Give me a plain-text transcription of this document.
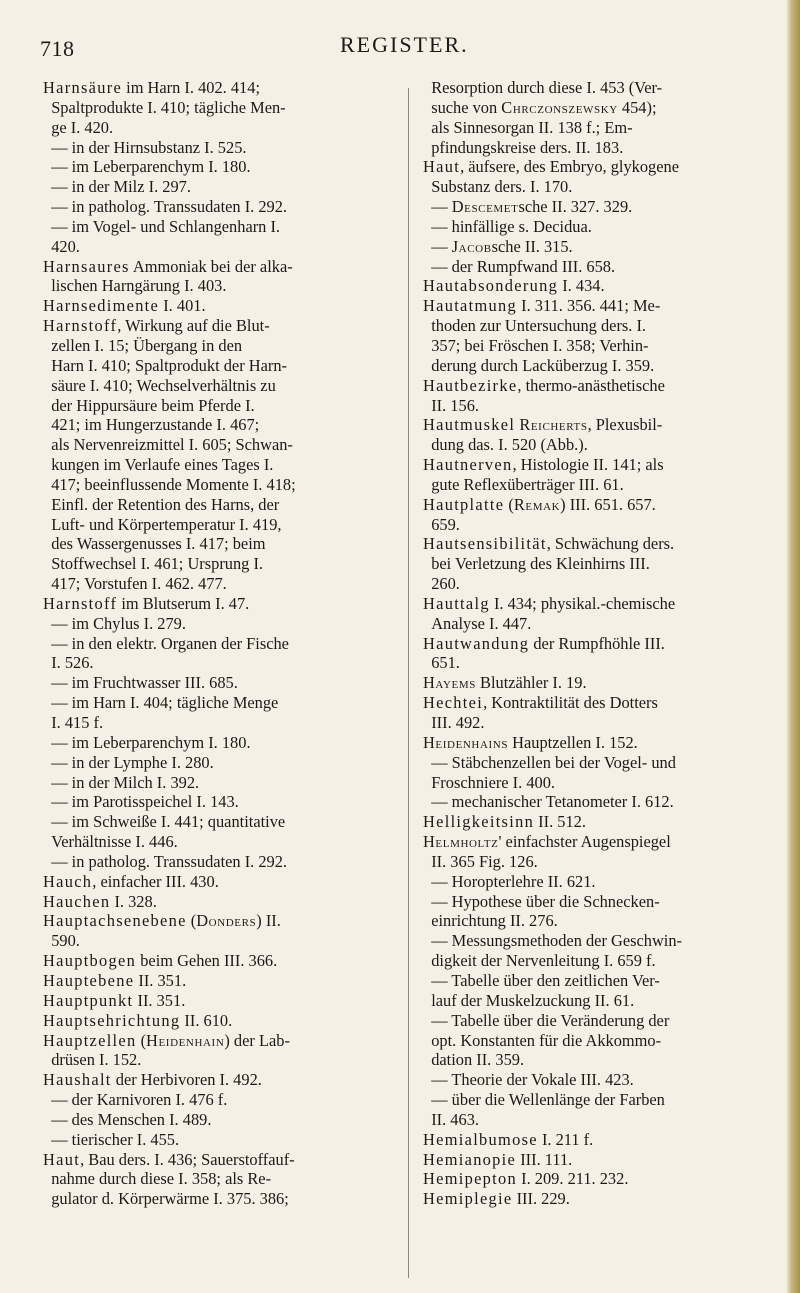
718	REGISTER.
Harnsäure im Harn I. 402. 414;
 Spaltprodukte I. 410; tägliche Men-
 ge I. 420.
 — in der Hirnsubstanz I. 525.
 — im Leberparenchym I. 180.
 — in der Milz I. 297.
 — in patholog. Transsudaten I. 292.
 — im Vogel- und Schlangenharn I.
 420.
Harnsaures Ammoniak bei der alka-
 lischen Harngärung I. 403.
Harnsedimente I. 401.
Harnstoff, Wirkung auf die Blut-
 zellen I. 15; Übergang in den
 Harn I. 410; Spaltprodukt der Harn-
 säure I. 410; Wechselverhältnis zu
 der Hippursäure beim Pferde I.
 421; im Hungerzustande I. 467;
 als Nervenreizmittel I. 605; Schwan-
 kungen im Verlaufe eines Tages I.
 417; beeinflussende Momente I. 418;
 Einfl. der Retention des Harns, der
 Luft- und Körpertemperatur I. 419,
 des Wassergenusses I. 417; beim
 Stoffwechsel I. 461; Ursprung I.
 417; Vorstufen I. 462. 477.
Harnstoff im Blutserum I. 47.
 — im Chylus I. 279.
 — in den elektr. Organen der Fische
 I. 526.
 — im Fruchtwasser III. 685.
 — im Harn I. 404; tägliche Menge
 I. 415 f.
 — im Leberparenchym I. 180.
 — in der Lymphe I. 280.
 — in der Milch I. 392.
 — im Parotisspeichel I. 143.
 — im Schweiße I. 441; quantitative
 Verhältnisse I. 446.
 — in patholog. Transsudaten I. 292.
Hauch, einfacher III. 430.
Hauchen I. 328.
Hauptachsenebene (Donders) II.
 590.
Hauptbogen beim Gehen III. 366.
Hauptebene II. 351.
Hauptpunkt II. 351.
Hauptsehrichtung II. 610.
Hauptzellen (Heidenhain) der Lab-
 drüsen I. 152.
Haushalt der Herbivoren I. 492.
 — der Karnivoren I. 476 f.
 — des Menschen I. 489.
 — tierischer I. 455.
Haut, Bau ders. I. 436; Sauerstoffauf-
 nahme durch diese I. 358; als Re-
 gulator d. Körperwärme I. 375. 386;
 Resorption durch diese I. 453 (Ver-
 suche von Chrczonszewsky 454);
 als Sinnesorgan II. 138 f.; Em-
 pfindungskreise ders. II. 183.
Haut, äufsere, des Embryo, glykogene
 Substanz ders. I. 170.
 — Descemetsche II. 327. 329.
 — hinfällige s. Decidua.
 — Jacobsche II. 315.
 — der Rumpfwand III. 658.
Hautabsonderung I. 434.
Hautatmung I. 311. 356. 441; Me-
 thoden zur Untersuchung ders. I.
 357; bei Fröschen I. 358; Verhin-
 derung durch Lacküberzug I. 359.
Hautbezirke, thermo-anästhetische
 II. 156.
Hautmuskel Reicherts, Plexusbil-
 dung das. I. 520 (Abb.).
Hautnerven, Histologie II. 141; als
 gute Reflexüberträger III. 61.
Hautplatte (Remak) III. 651. 657.
 659.
Hautsensibilität, Schwächung ders.
 bei Verletzung des Kleinhirns III.
 260.
Hauttalg I. 434; physikal.-chemische
 Analyse I. 447.
Hautwandung der Rumpfhöhle III.
 651.
Hayems Blutzähler I. 19.
Hechtei, Kontraktilität des Dotters
 III. 492.
Heidenhains Hauptzellen I. 152.
 — Stäbchenzellen bei der Vogel- und
 Froschniere I. 400.
 — mechanischer Tetanometer I. 612.
Helligkeitsinn II. 512.
Helmholtz' einfachster Augenspiegel
 II. 365 Fig. 126.
 — Horopterlehre II. 621.
 — Hypothese über die Schnecken-
 einrichtung II. 276.
 — Messungsmethoden der Geschwin-
 digkeit der Nervenleitung I. 659 f.
 — Tabelle über den zeitlichen Ver-
 lauf der Muskelzuckung II. 61.
 — Tabelle über die Veränderung der
 opt. Konstanten für die Akkommo-
 dation II. 359.
 — Theorie der Vokale III. 423.
 — über die Wellenlänge der Farben
 II. 463.
Hemialbumose I. 211 f.
Hemianopie III. 111.
Hemipepton I. 209. 211. 232.
Hemiplegie III. 229.
